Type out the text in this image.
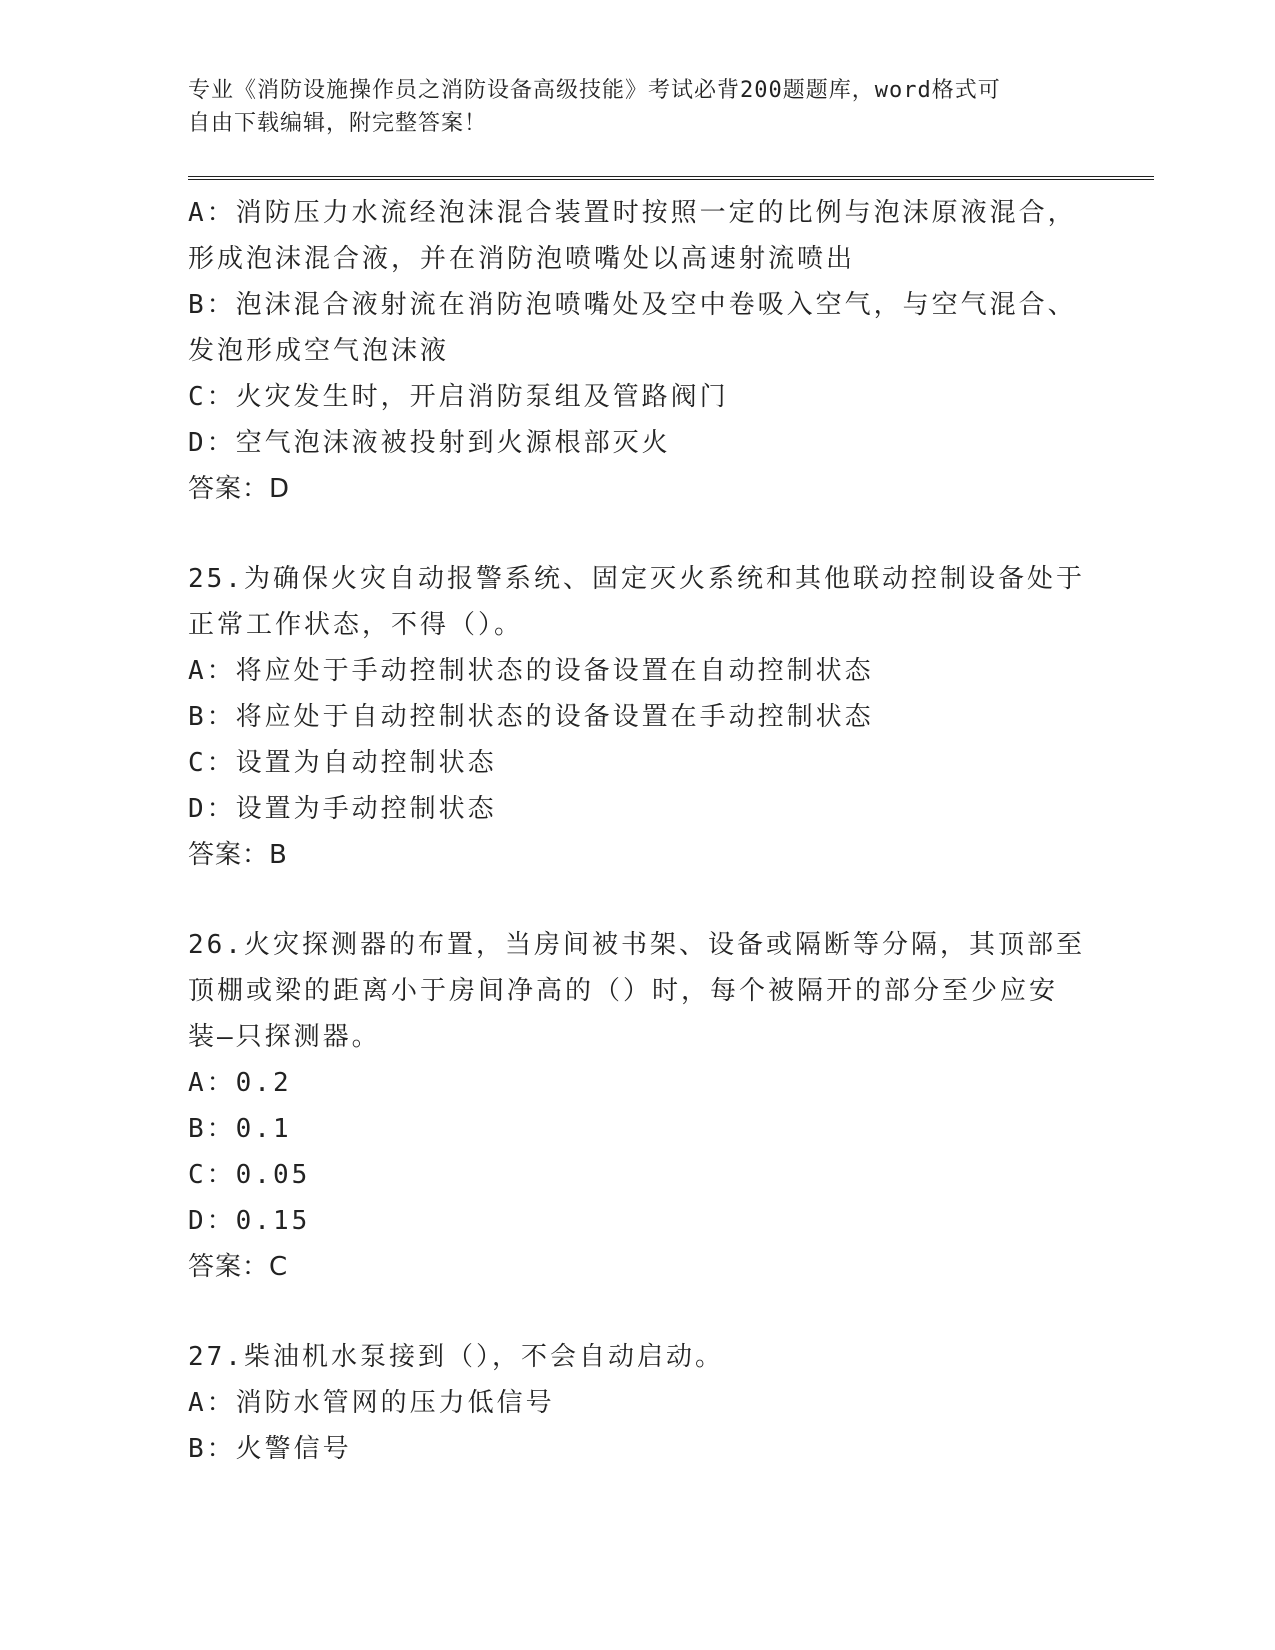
专业《消防设施操作员之消防设备高级技能》考试必背200题题库，word格式可
自由下载编辑，附完整答案！
A：消防压力水流经泡沫混合装置时按照一定的比例与泡沫原液混合，
形成泡沫混合液，并在消防泡喷嘴处以高速射流喷出
B：泡沫混合液射流在消防泡喷嘴处及空中卷吸入空气，与空气混合、
发泡形成空气泡沫液
C：火灾发生时，开启消防泵组及管路阀门
D：空气泡沫液被投射到火源根部灭火
答案：D
25.为确保火灾自动报警系统、固定灭火系统和其他联动控制设备处于
正常工作状态，不得（）。
A：将应处于手动控制状态的设备设置在自动控制状态
B：将应处于自动控制状态的设备设置在手动控制状态
C：设置为自动控制状态
D：设置为手动控制状态
答案：B
26.火灾探测器的布置，当房间被书架、设备或隔断等分隔，其顶部至
顶棚或梁的距离小于房间净高的（）时，每个被隔开的部分至少应安
装—只探测器。
A：0.2
B：0.1
C：0.05
D：0.15
答案：C
27.柴油机水泵接到（），不会自动启动。
A：消防水管网的压力低信号
B：火警信号
